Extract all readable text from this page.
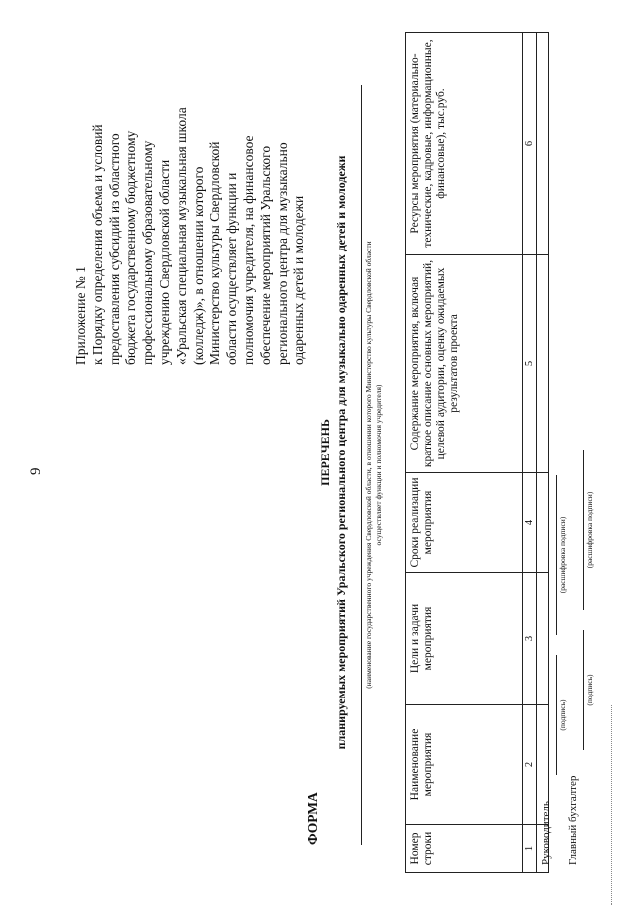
9
Приложение № 1 к Порядку определения объема и условий предоставления субсидий из областного бюджета государственному бюджетному профессиональному образовательному учреждению Свердловской области «Уральская специальная музыкальная школа (колледж)», в отношении которого Министерство культуры Свердловской области осуществляет функции и полномочия учредителя, на финансовое обеспечение мероприятий Уральского регионального центра для музыкально одаренных детей и молодежи
ФОРМА
ПЕРЕЧЕНЬ планируемых мероприятий Уральского регионального центра для музыкально одаренных детей и молодежи (наименование государственного учреждения Свердловской области, в отношении которого Министерство культуры Свердловской области осуществляет функции и полномочия учредителя)
Номер строки	Наименование мероприятия	Цели и задачи мероприятия	Сроки реализации мероприятия	Содержание мероприятия, включая краткое описание основных мероприятий, целевой аудитории, оценку ожидаемых результатов проекта	Ресурсы мероприятия (материально-технические, кадровые, информационные, финансовые), тыс.руб.
1	2	3	4	5	6

Руководитель
(подпись)
(расшифровка подписи)
Главный бухгалтер
(подпись)
(расшифровка подписи)
